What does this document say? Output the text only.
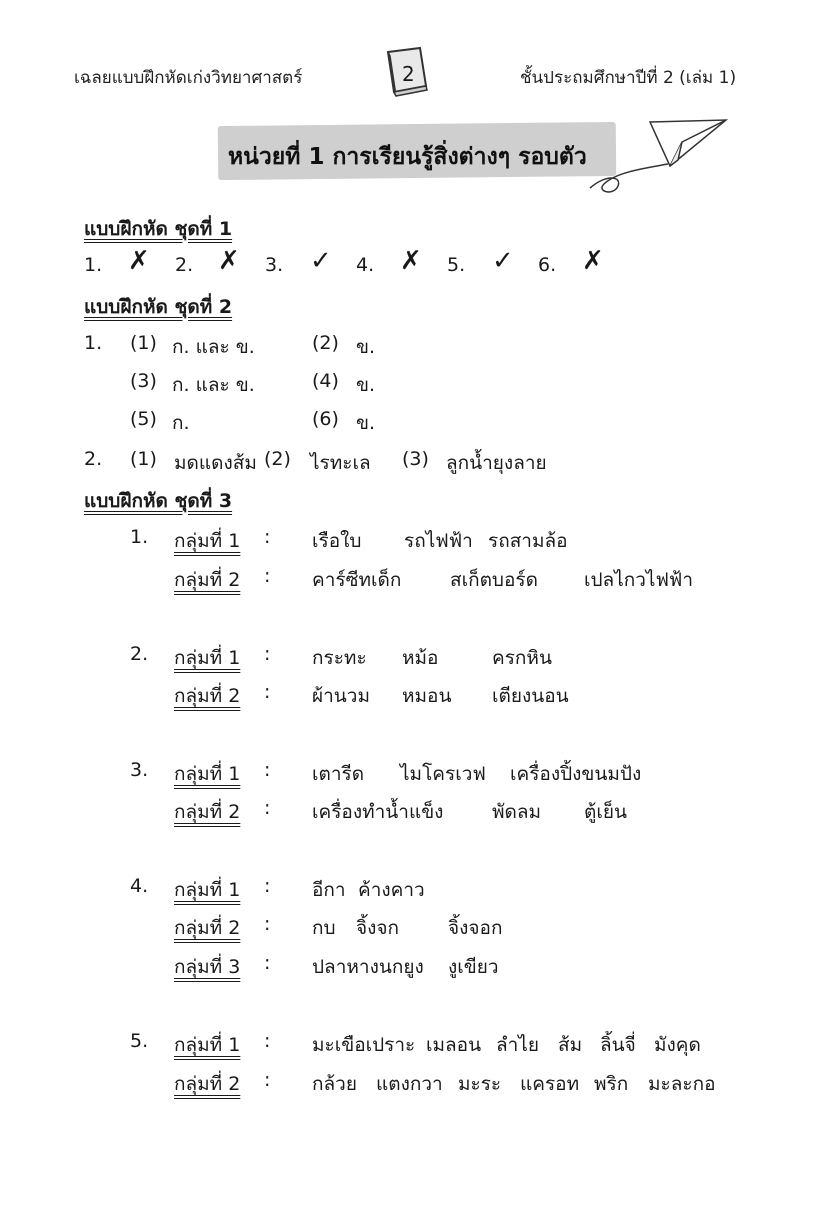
เฉลยแบบฝึกหัดเก่งวิทยาศาสตร์	2	ชั้นประถมศึกษาปีที่ 2 (เล่ม 1)
หน่วยที่ 1 การเรียนรู้สิ่งต่างๆ รอบตัว
แบบฝึกหัด ชุดที่ 1
1. ✗ 2. ✗ 3. ✓ 4. ✗ 5. ✓ 6. ✗
แบบฝึกหัด ชุดที่ 2
1. (1) ก. และ ข.	(2) ข.
(3) ก. และ ข.	(4) ข.
(5) ก.	(6) ข.
2. (1) มดแดงส้ม (2) ไรทะเล (3) ลูกน้ำยุงลาย
แบบฝึกหัด ชุดที่ 3
1. กลุ่มที่ 1 : เรือใบ รถไฟฟ้า รถสามล้อ
กลุ่มที่ 2 : คาร์ซีทเด็ก	สเก็ตบอร์ด เปลไกวไฟฟ้า
2. กลุ่มที่ 1 : กระทะ หม้อ	ครกหิน
กลุ่มที่ 2 : ผ้านวม หมอน เตียงนอน
3. กลุ่มที่ 1 : เตารีด ไมโครเวฟ เครื่องปิ้งขนมปัง
กลุ่มที่ 2 : เครื่องทำน้ำแข็ง	พัดลม ตู้เย็น
4. กลุ่มที่ 1 : อีกา ค้างคาว
กลุ่มที่ 2 : กบ จิ้งจก	จิ้งจอก
กลุ่มที่ 3 : ปลาหางนกยูง งูเขียว
5. กลุ่มที่ 1 : มะเขือเปราะ เมลอน ลำไย ส้ม ลิ้นจี่ มังคุด
กลุ่มที่ 2 : กล้วย แตงกวา มะระ แครอท พริก มะละกอ
